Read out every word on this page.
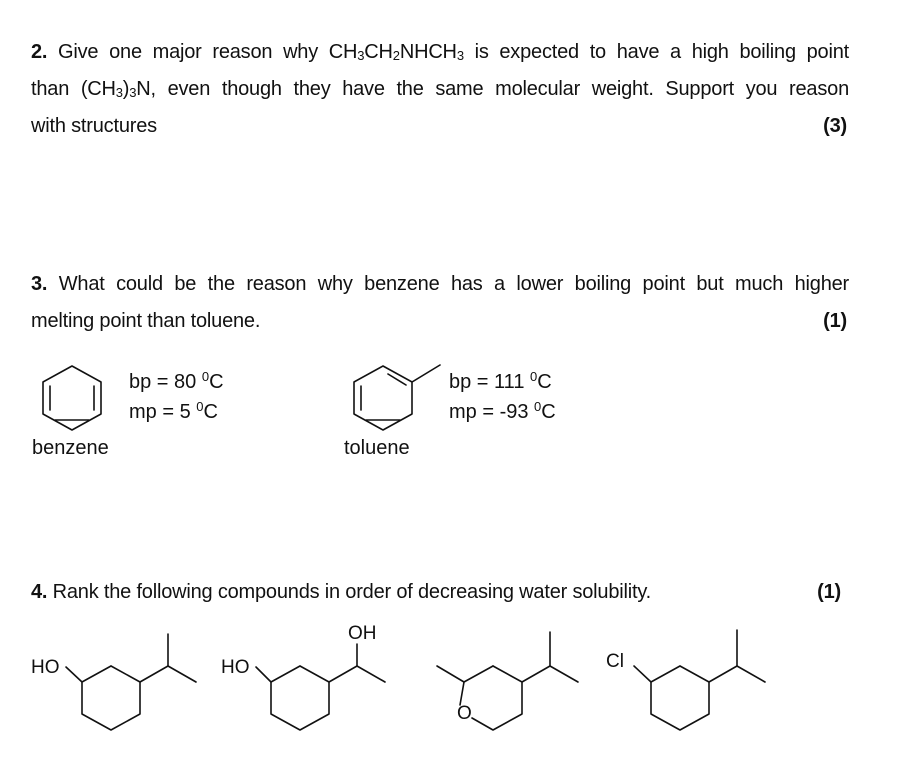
2. Give one major reason why $CH_3CH_2NHCH_3$ is expected to have a high boiling point
than $(CH_3)_3N$, even though they have the same molecular weight. Support you reason
with structures	(3)
3. What could be the reason why benzene has a lower boiling point but much higher
melting point than toluene.	(1)
bp = 80 $^0$C
mp = 5 $^0$C
benzene
bp = 111 $^0$C
mp = -93 $^0$C
toluene
4. Rank the following compounds in order of decreasing water solubility.	(1)
HO	HO
OH
O
Cl
